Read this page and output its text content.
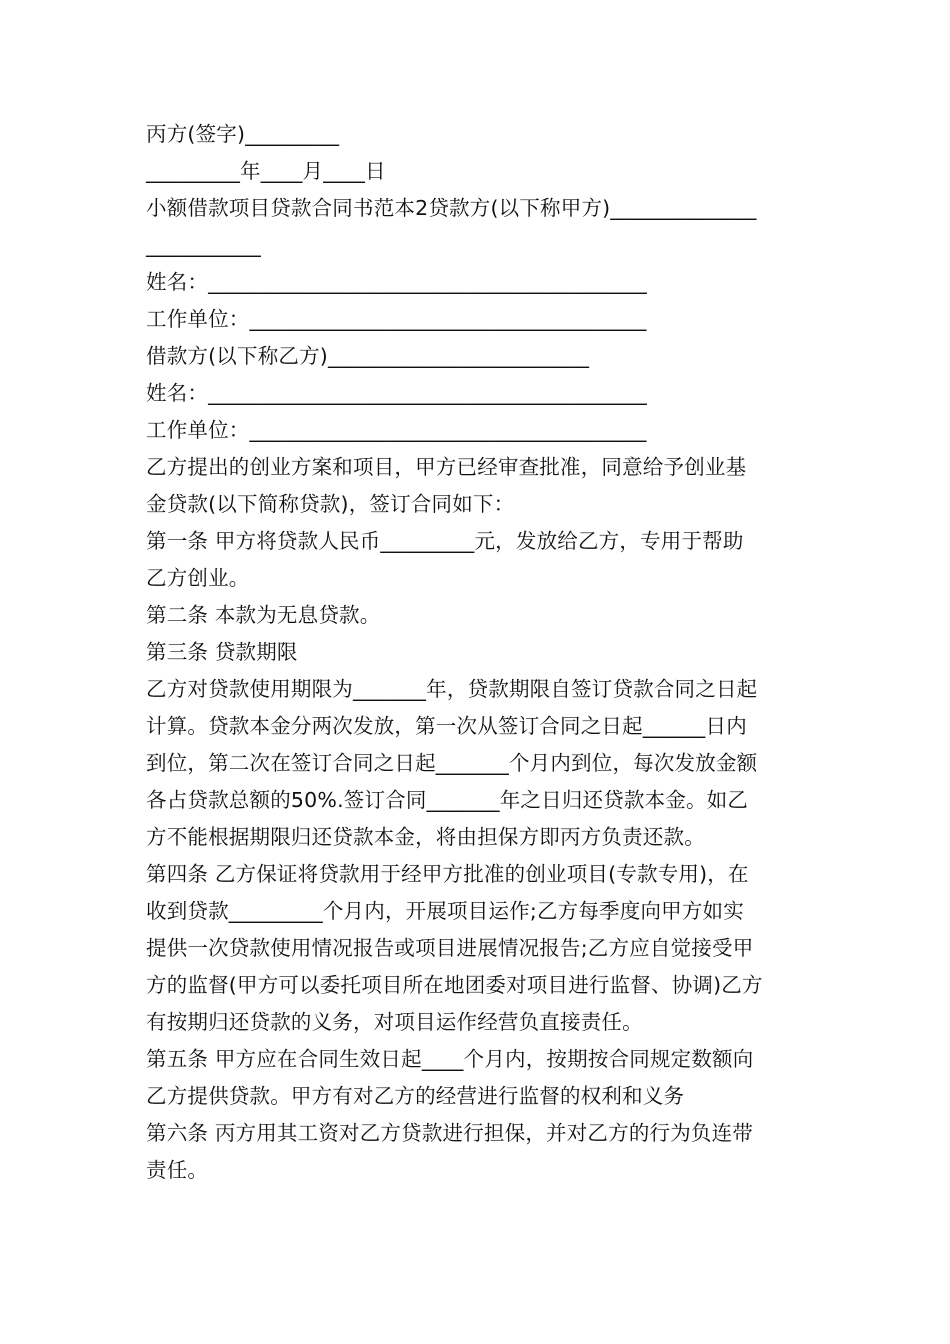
丙方(签字)_________
_________年____月____日
小额借款项目贷款合同书范本2贷款方(以下称甲方)______________
___________
姓名：__________________________________________
工作单位：______________________________________
借款方(以下称乙方)_________________________
姓名：__________________________________________
工作单位：______________________________________
乙方提出的创业方案和项目，甲方已经审查批准，同意给予创业基
金贷款(以下简称贷款)，签订合同如下：
第一条 甲方将贷款人民币_________元，发放给乙方，专用于帮助
乙方创业。
第二条 本款为无息贷款。
第三条 贷款期限
乙方对贷款使用期限为_______年，贷款期限自签订贷款合同之日起
计算。贷款本金分两次发放，第一次从签订合同之日起______日内
到位，第二次在签订合同之日起_______个月内到位，每次发放金额
各占贷款总额的50%.签订合同_______年之日归还贷款本金。如乙
方不能根据期限归还贷款本金，将由担保方即丙方负责还款。
第四条 乙方保证将贷款用于经甲方批准的创业项目(专款专用)，在
收到贷款_________个月内，开展项目运作;乙方每季度向甲方如实
提供一次贷款使用情况报告或项目进展情况报告;乙方应自觉接受甲
方的监督(甲方可以委托项目所在地团委对项目进行监督、协调)乙方
有按期归还贷款的义务，对项目运作经营负直接责任。
第五条 甲方应在合同生效日起____个月内，按期按合同规定数额向
乙方提供贷款。甲方有对乙方的经营进行监督的权利和义务
第六条 丙方用其工资对乙方贷款进行担保，并对乙方的行为负连带
责任。
